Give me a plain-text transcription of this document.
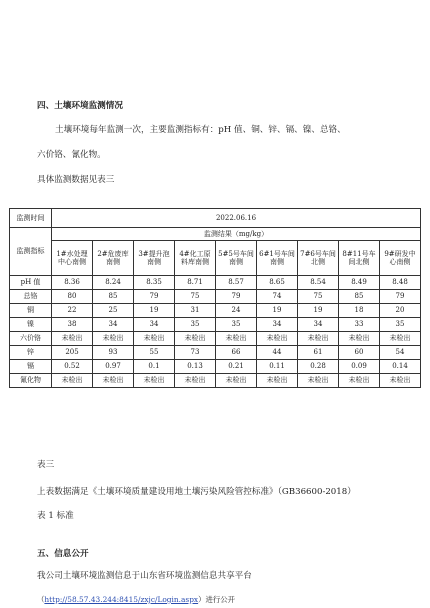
四、土壤环境监测情况
土壤环境每年监测一次，主要监测指标有：pH 值、铜、锌、镉、镍、总铬、
六价铬、氰化物。
具体监测数据见表三
监测时间	2022.06.16								
监测指标	监测结果（mg/kg）								
	1#水处理中心南侧	2#危废库南侧	3#提升泡南侧	4#化工原料库南侧	5#5号车间南侧	6#1号车间南侧	7#6号车间北侧	8#11号车间北侧	9#研发中心南侧
pH 值	8.36	8.24	8.35	8.71	8.57	8.65	8.54	8.49	8.48
总铬	80	85	79	75	79	74	75	85	79
铜	22	25	19	31	24	19	19	18	20
镍	38	34	34	35	35	34	34	33	35
六价铬	未检出	未检出	未检出	未检出	未检出	未检出	未检出	未检出	未检出
锌	205	93	55	73	66	44	61	60	54
镉	0.52	0.97	0.1	0.13	0.21	0.11	0.28	0.09	0.14
氰化物	未检出	未检出	未检出	未检出	未检出	未检出	未检出	未检出	未检出
表三
上表数据满足《土壤环境质量建设用地土壤污染风险管控标准》（GB36600-2018）
表 1 标准
五、信息公开
我公司土壤环境监测信息于山东省环境监测信息共享平台
（http://58.57.43.244:8415/zxjc/Login.aspx）进行公开
